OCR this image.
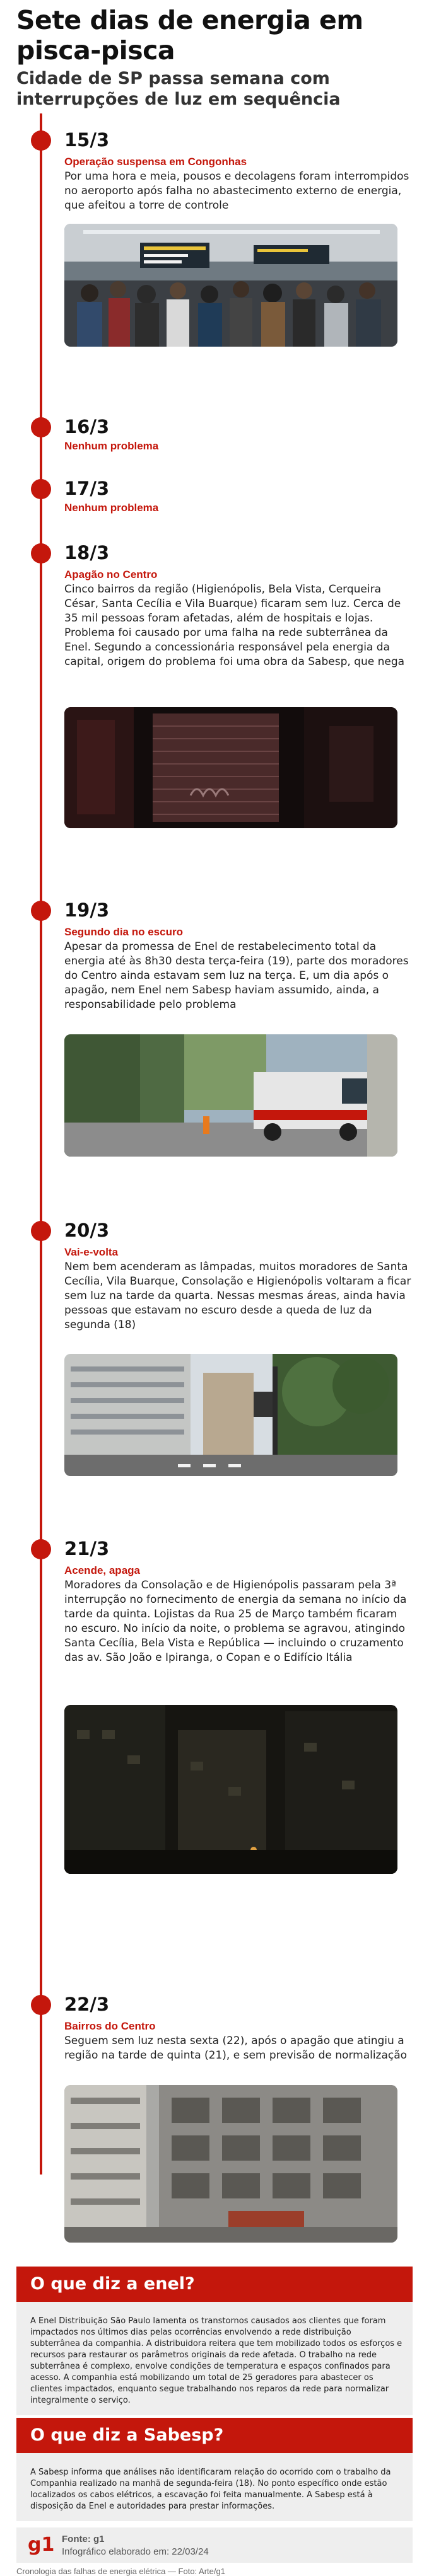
Sete dias de energia em pisca-pisca
Cidade de SP passa semana com interrupções de luz em sequência
15/3
Operação suspensa em Congonhas
Por uma hora e meia, pousos e decolagens foram interrompidos no aeroporto após falha no abastecimento externo de energia, que afeitou a torre de controle
16/3
Nenhum problema
17/3
Nenhum problema
18/3
Apagão no Centro
Cinco bairros da região (Higienópolis, Bela Vista, Cerqueira César, Santa Cecília e Vila Buarque) ficaram sem luz. Cerca de 35 mil pessoas foram afetadas, além de hospitais e lojas. Problema foi causado por uma falha na rede subterrânea da Enel. Segundo a concessionária responsável pela energia da capital, origem do problema foi uma obra da Sabesp, que nega
19/3
Segundo dia no escuro
Apesar da promessa de Enel de restabelecimento total da energia até às 8h30 desta terça-feira (19), parte dos moradores do Centro ainda estavam sem luz na terça. E, um dia após o apagão, nem Enel nem Sabesp haviam assumido, ainda, a responsabilidade pelo problema
20/3
Vai-e-volta
Nem bem acenderam as lâmpadas, muitos moradores de Santa Cecília, Vila Buarque, Consolação e Higienópolis voltaram a ficar sem luz na tarde da quarta. Nessas mesmas áreas, ainda havia pessoas que estavam no escuro desde a queda de luz da segunda (18)
21/3
Acende, apaga
Moradores da Consolação e de Higienópolis passaram pela 3ª interrupção no fornecimento de energia da semana no início da tarde da quinta. Lojistas da Rua 25 de Março também ficaram no escuro. No início da noite, o problema se agravou, atingindo Santa Cecília, Bela Vista e República — incluindo o cruzamento das av. São João e Ipiranga, o Copan e o Edifício Itália
22/3
Bairros do Centro
Seguem sem luz nesta sexta (22), após o apagão que atingiu a região na tarde de quinta (21), e sem previsão de normalização
O que diz a enel?
A Enel Distribuição São Paulo lamenta os transtornos causados aos clientes que foram impactados nos últimos dias pelas ocorrências envolvendo a rede distribuição subterrânea da companhia. A distribuidora reitera que tem mobilizado todos os esforços e recursos para restaurar os parâmetros originais da rede afetada. O trabalho na rede subterrânea é complexo, envolve condições de temperatura e espaços confinados para acesso. A companhia está mobilizando um total de 25 geradores para abastecer os clientes impactados, enquanto segue trabalhando nos reparos da rede para normalizar integralmente o serviço.
g1 Fonte: g1
Infográfico elaborado em: 22/03/24
Cronologia das falhas de energia elétrica — Foto: Arte/g1
O que diz a Sabesp?
A Sabesp informa que análises não identificaram relação do ocorrido com o trabalho da Companhia realizado na manhã de segunda-feira (18). No ponto específico onde estão localizados os cabos elétricos, a escavação foi feita manualmente. A Sabesp está à disposição da Enel e autoridades para prestar informações.
